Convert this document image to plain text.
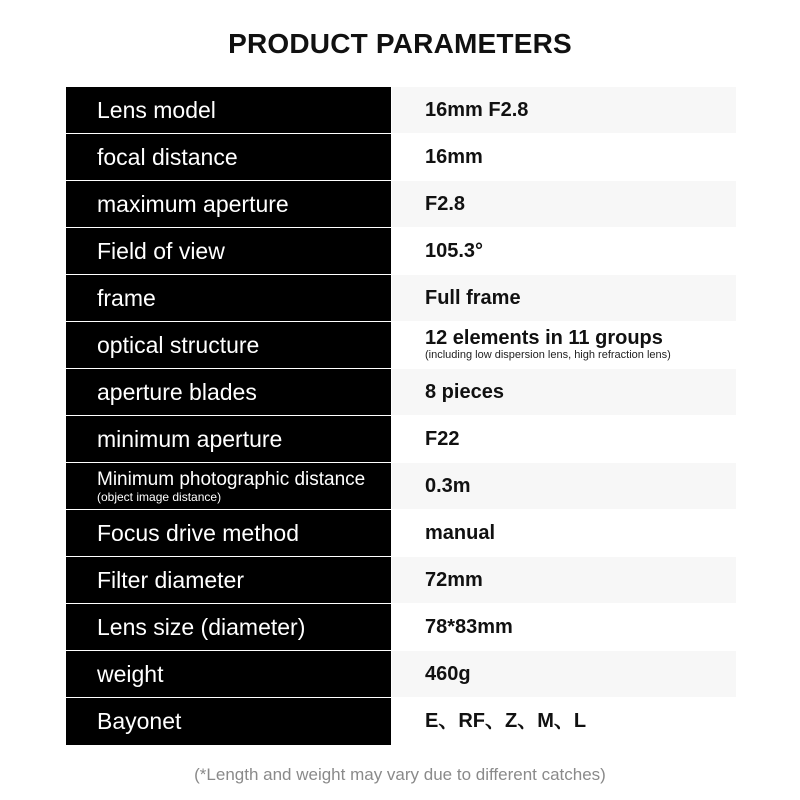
PRODUCT PARAMETERS
Lens model	16mm F2.8
focal distance	16mm
maximum aperture	F2.8
Field of view	105.3°
frame	Full frame
optical structure	12 elements in 11 groups
(including low dispersion lens, high refraction lens)
aperture blades	8 pieces
minimum aperture	F22
Minimum photographic distance
(object image distance)	0.3m
Focus drive method	manual
Filter diameter	72mm
Lens size (diameter)	78*83mm
weight	460g
Bayonet	E、RF、Z、M、L
(*Length and weight may vary due to different catches)
